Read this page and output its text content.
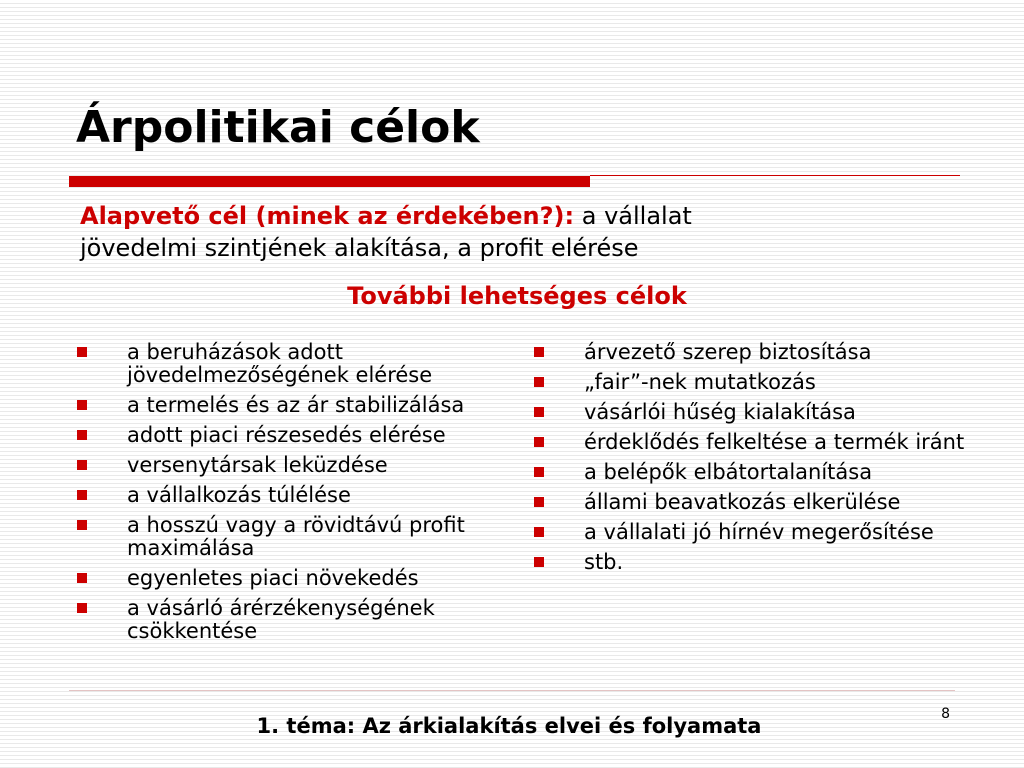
Árpolitikai célok
Alapvető cél (minek az érdekében?): a vállalat
jövedelmi szintjének alakítása, a profit elérése
További lehetséges célok
a beruházások adott jövedelmezőségének elérése
a termelés és az ár stabilizálása
adott piaci részesedés elérése
versenytársak leküzdése
a vállalkozás túlélése
a hosszú vagy a rövidtávú profit maximálása
egyenletes piaci növekedés
a vásárló árérzékenységének csökkentése
árvezető szerep biztosítása
„fair”-nek mutatkozás
vásárlói hűség kialakítása
érdeklődés felkeltése a termék iránt
a belépők elbátortalanítása
állami beavatkozás elkerülése
a vállalati jó hírnév megerősítése
stb.
8
1. téma: Az árkialakítás elvei és folyamata
